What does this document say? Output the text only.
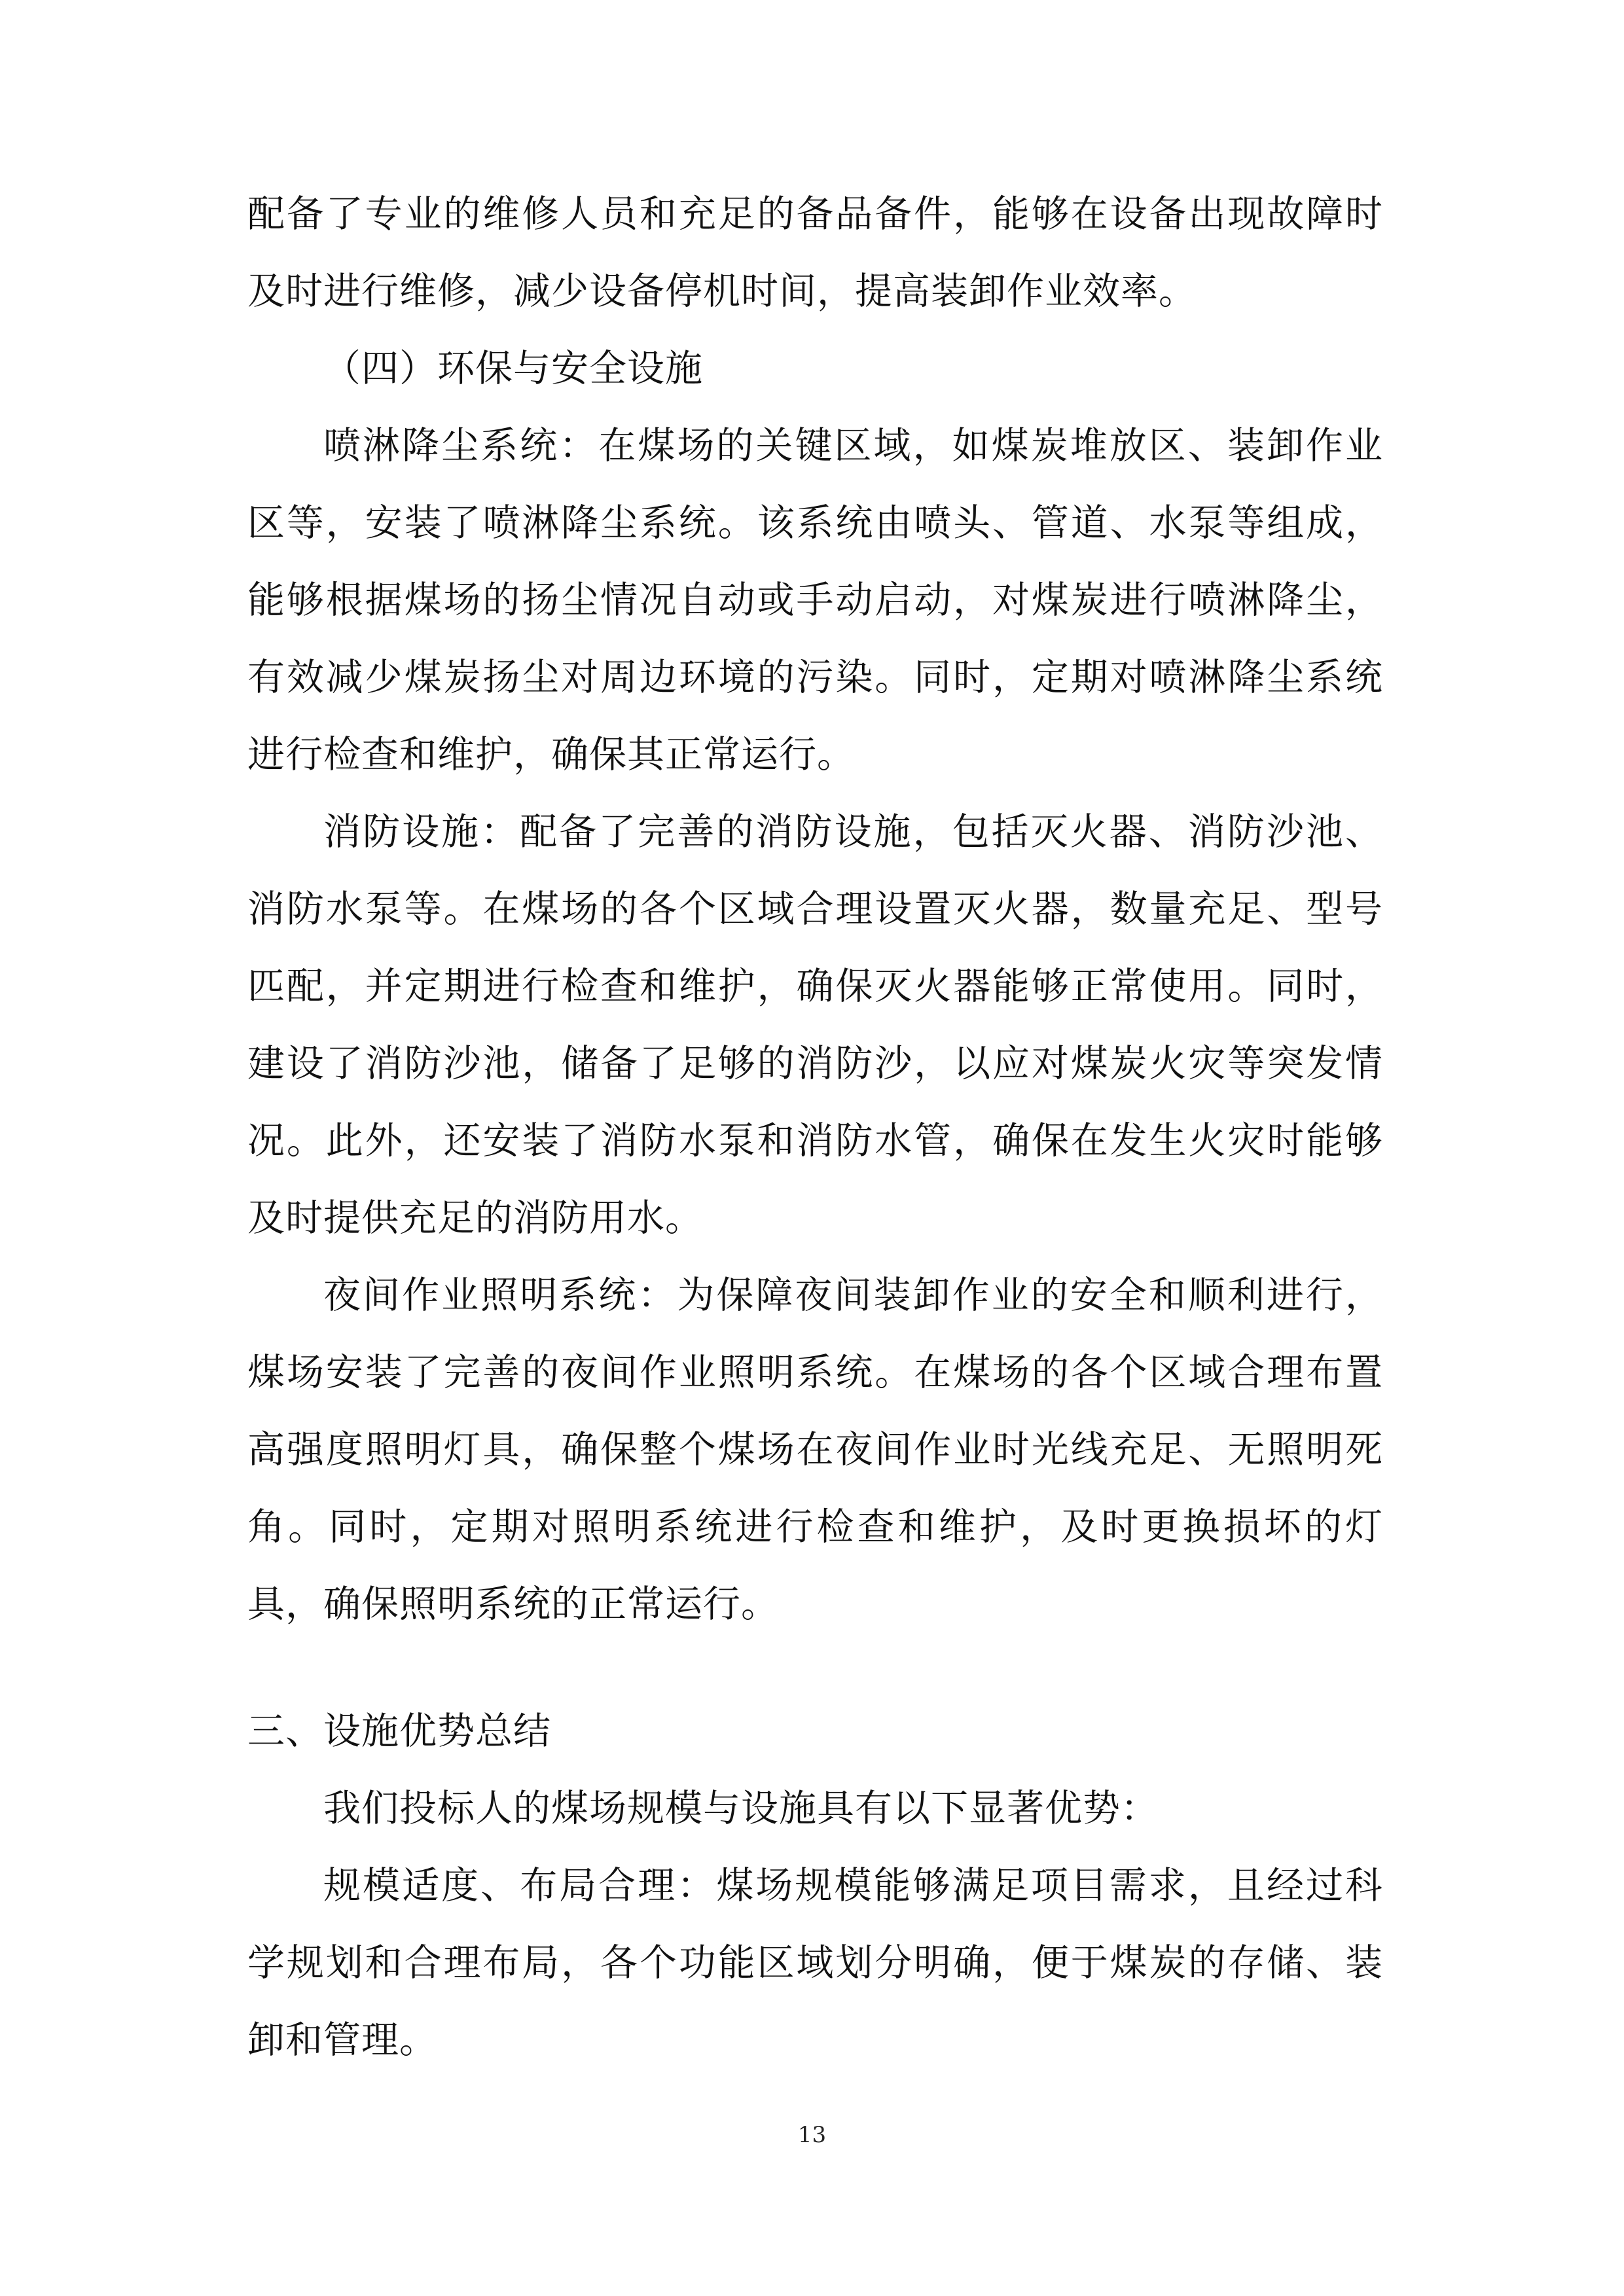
配备了专业的维修人员和充足的备品备件，能够在设备出现故障时及时进行维修，减少设备停机时间，提高装卸作业效率。

（四）环保与安全设施

喷淋降尘系统：在煤场的关键区域，如煤炭堆放区、装卸作业区等，安装了喷淋降尘系统。该系统由喷头、管道、水泵等组成，能够根据煤场的扬尘情况自动或手动启动，对煤炭进行喷淋降尘，有效减少煤炭扬尘对周边环境的污染。同时，定期对喷淋降尘系统进行检查和维护，确保其正常运行。

消防设施：配备了完善的消防设施，包括灭火器、消防沙池、消防水泵等。在煤场的各个区域合理设置灭火器，数量充足、型号匹配，并定期进行检查和维护，确保灭火器能够正常使用。同时，建设了消防沙池，储备了足够的消防沙，以应对煤炭火灾等突发情况。此外，还安装了消防水泵和消防水管，确保在发生火灾时能够及时提供充足的消防用水。

夜间作业照明系统：为保障夜间装卸作业的安全和顺利进行，煤场安装了完善的夜间作业照明系统。在煤场的各个区域合理布置高强度照明灯具，确保整个煤场在夜间作业时光线充足、无照明死角。同时，定期对照明系统进行检查和维护，及时更换损坏的灯具，确保照明系统的正常运行。

三、设施优势总结

我们投标人的煤场规模与设施具有以下显著优势：

规模适度、布局合理：煤场规模能够满足项目需求，且经过科学规划和合理布局，各个功能区域划分明确，便于煤炭的存储、装卸和管理。

13
